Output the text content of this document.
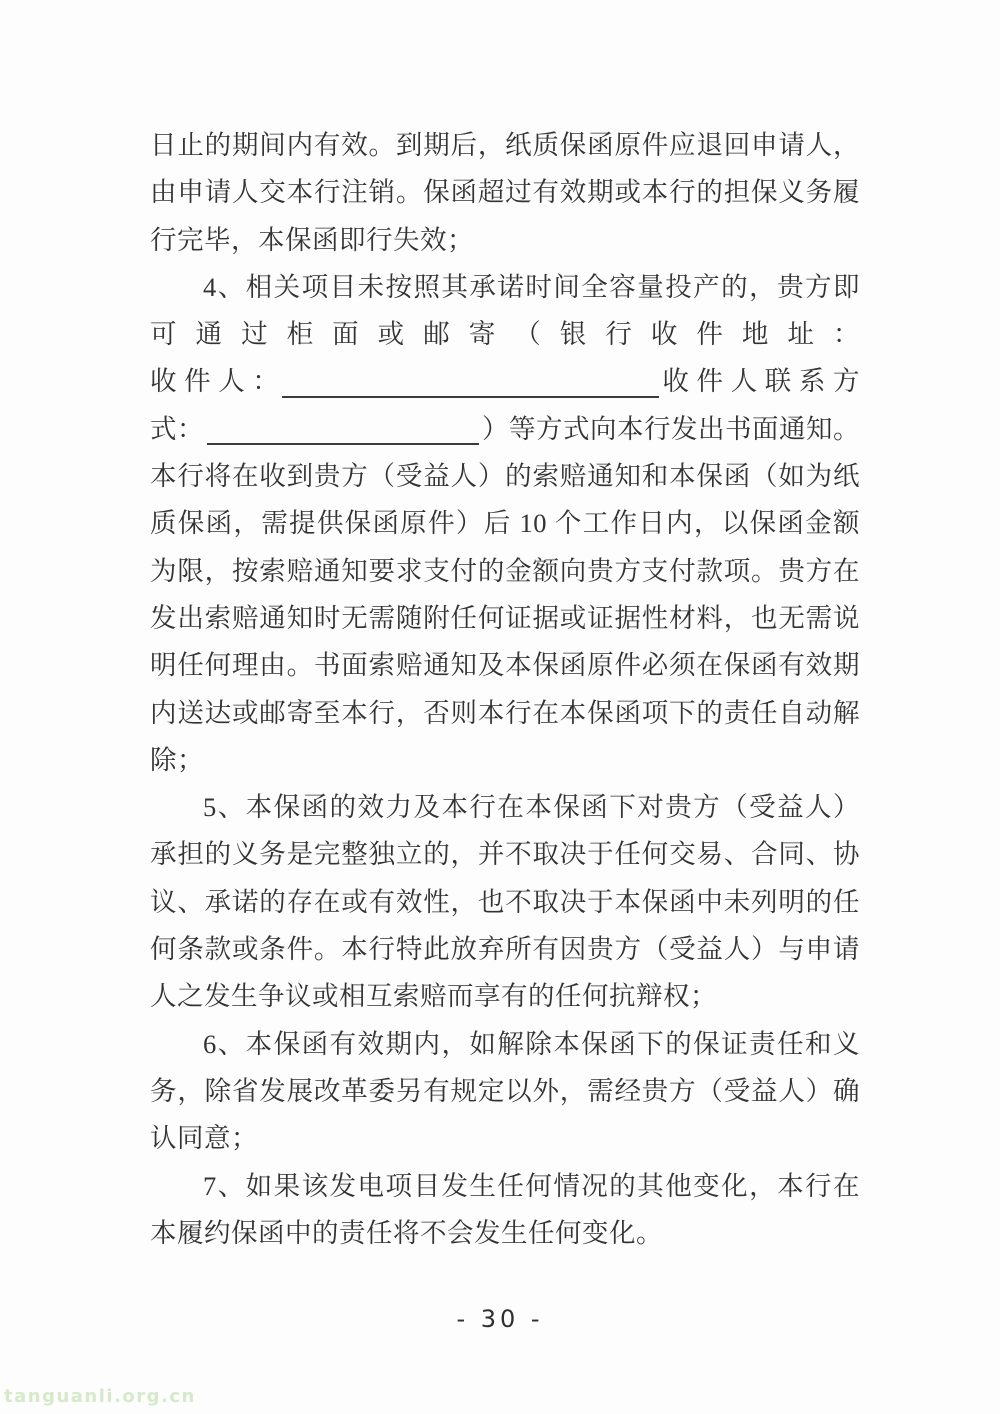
日止的期间内有效。到期后，纸质保函原件应退回申请人，
由申请人交本行注销。保函超过有效期或本行的担保义务履
行完毕，本保函即行失效；
4、相关项目未按照其承诺时间全容量投产的，贵方即
可 通 过 柜 面 或 邮 寄 （ 银 行 收 件 地 址 ：
收 件 人 ：	收 件 人 联 系 方
式：	）等方式向本行发出书面通知。
本行将在收到贵方（受益人）的索赔通知和本保函（如为纸
质保函，需提供保函原件）后 10 个工作日内，以保函金额
为限，按索赔通知要求支付的金额向贵方支付款项。贵方在
发出索赔通知时无需随附任何证据或证据性材料，也无需说
明任何理由。书面索赔通知及本保函原件必须在保函有效期
内送达或邮寄至本行，否则本行在本保函项下的责任自动解
除；
5、本保函的效力及本行在本保函下对贵方（受益人）
承担的义务是完整独立的，并不取决于任何交易、合同、协
议、承诺的存在或有效性，也不取决于本保函中未列明的任
何条款或条件。本行特此放弃所有因贵方（受益人）与申请
人之发生争议或相互索赔而享有的任何抗辩权；
6、本保函有效期内，如解除本保函下的保证责任和义
务，除省发展改革委另有规定以外，需经贵方（受益人）确
认同意；
7、如果该发电项目发生任何情况的其他变化，本行在
本履约保函中的责任将不会发生任何变化。
- 30 -
tanguanli.org.cn
